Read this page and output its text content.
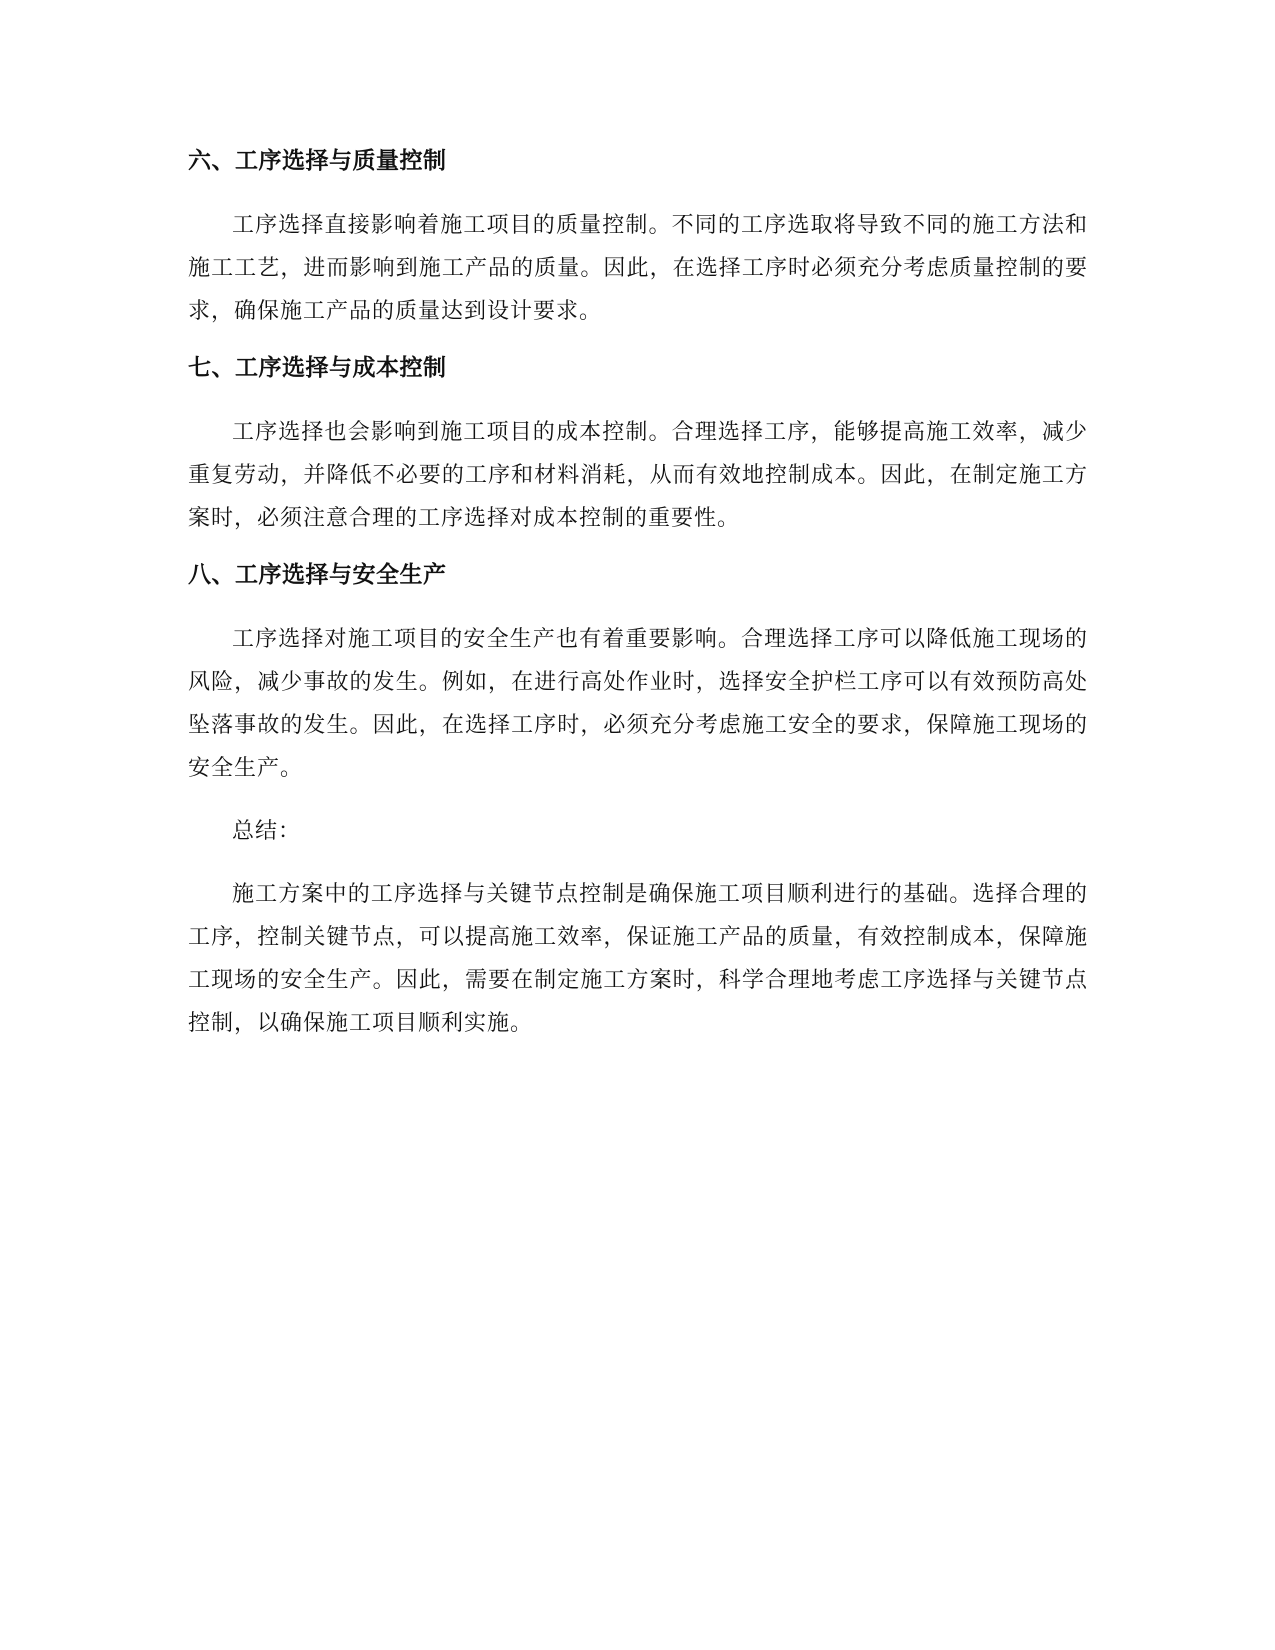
六、工序选择与质量控制

工序选择直接影响着施工项目的质量控制。不同的工序选取将导致不同的施工方法和施工工艺，进而影响到施工产品的质量。因此，在选择工序时必须充分考虑质量控制的要求，确保施工产品的质量达到设计要求。

七、工序选择与成本控制

工序选择也会影响到施工项目的成本控制。合理选择工序，能够提高施工效率，减少重复劳动，并降低不必要的工序和材料消耗，从而有效地控制成本。因此，在制定施工方案时，必须注意合理的工序选择对成本控制的重要性。

八、工序选择与安全生产

工序选择对施工项目的安全生产也有着重要影响。合理选择工序可以降低施工现场的风险，减少事故的发生。例如，在进行高处作业时，选择安全护栏工序可以有效预防高处坠落事故的发生。因此，在选择工序时，必须充分考虑施工安全的要求，保障施工现场的安全生产。

总结：

施工方案中的工序选择与关键节点控制是确保施工项目顺利进行的基础。选择合理的工序，控制关键节点，可以提高施工效率，保证施工产品的质量，有效控制成本，保障施工现场的安全生产。因此，需要在制定施工方案时，科学合理地考虑工序选择与关键节点控制，以确保施工项目顺利实施。
